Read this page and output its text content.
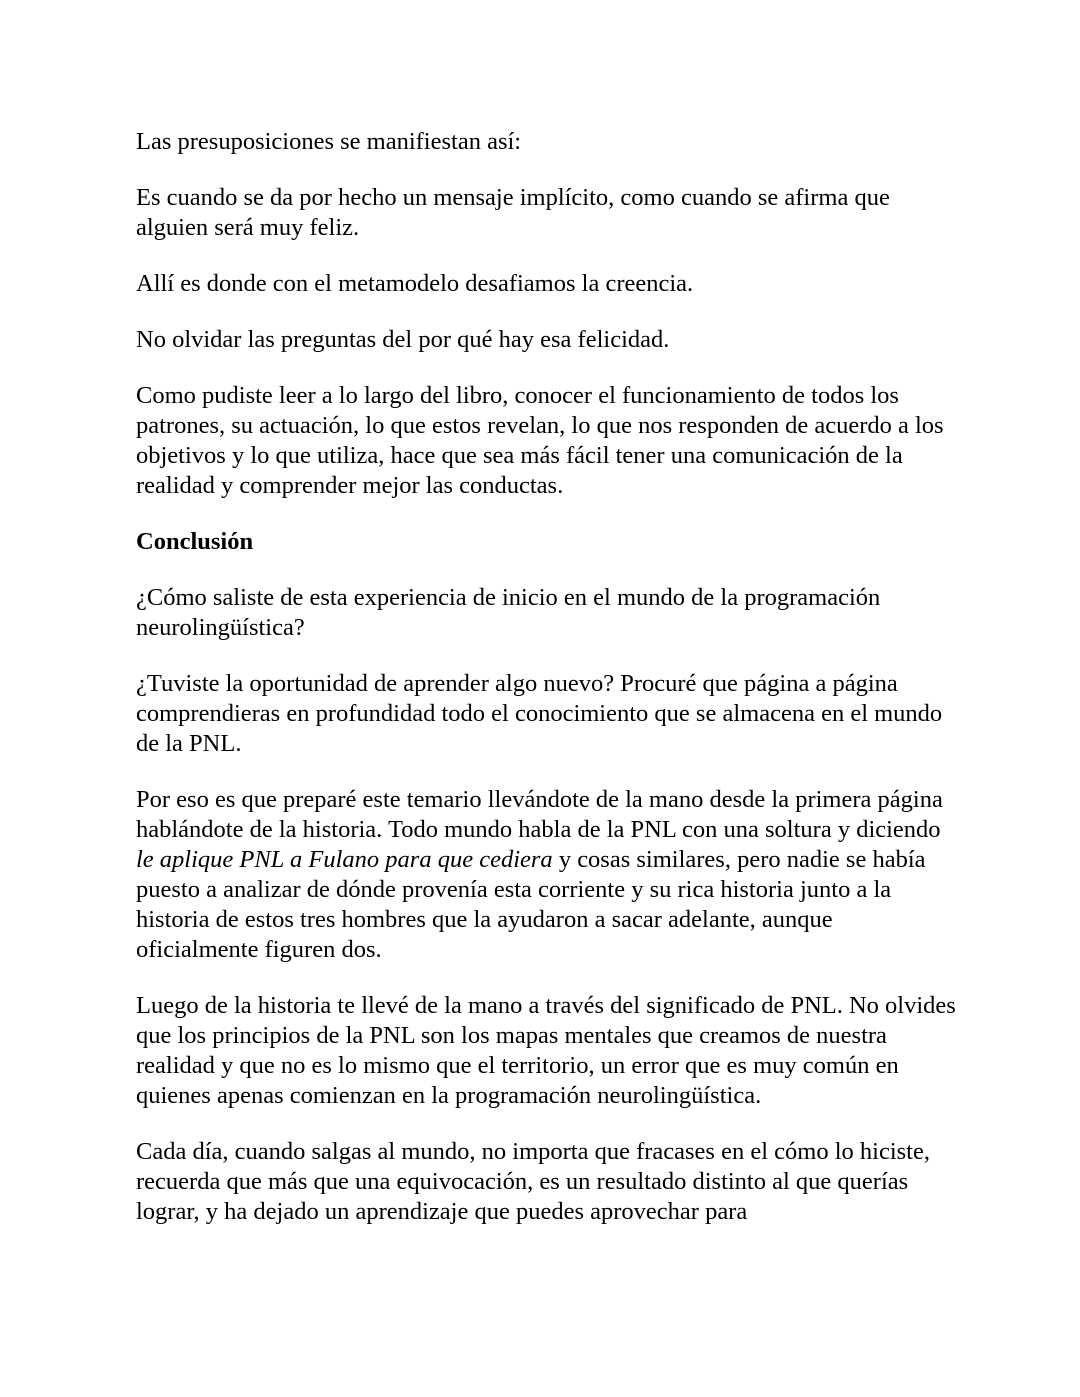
Las presuposiciones se manifiestan así:

Es cuando se da por hecho un mensaje implícito, como cuando se afirma que alguien será muy feliz.

Allí es donde con el metamodelo desafiamos la creencia.

No olvidar las preguntas del por qué hay esa felicidad.

Como pudiste leer a lo largo del libro, conocer el funcionamiento de todos los patrones, su actuación, lo que estos revelan, lo que nos responden de acuerdo a los objetivos y lo que utiliza, hace que sea más fácil tener una comunicación de la realidad y comprender mejor las conductas.

Conclusión

¿Cómo saliste de esta experiencia de inicio en el mundo de la programación neurolingüística?

¿Tuviste la oportunidad de aprender algo nuevo? Procuré que página a página comprendieras en profundidad todo el conocimiento que se almacena en el mundo de la PNL.

Por eso es que preparé este temario llevándote de la mano desde la primera página hablándote de la historia. Todo mundo habla de la PNL con una soltura y diciendo le aplique PNL a Fulano para que cediera y cosas similares, pero nadie se había puesto a analizar de dónde provenía esta corriente y su rica historia junto a la historia de estos tres hombres que la ayudaron a sacar adelante, aunque oficialmente figuren dos.

Luego de la historia te llevé de la mano a través del significado de PNL. No olvides que los principios de la PNL son los mapas mentales que creamos de nuestra realidad y que no es lo mismo que el territorio, un error que es muy común en quienes apenas comienzan en la programación neurolingüística.

Cada día, cuando salgas al mundo, no importa que fracases en el cómo lo hiciste, recuerda que más que una equivocación, es un resultado distinto al que querías lograr, y ha dejado un aprendizaje que puedes aprovechar para
